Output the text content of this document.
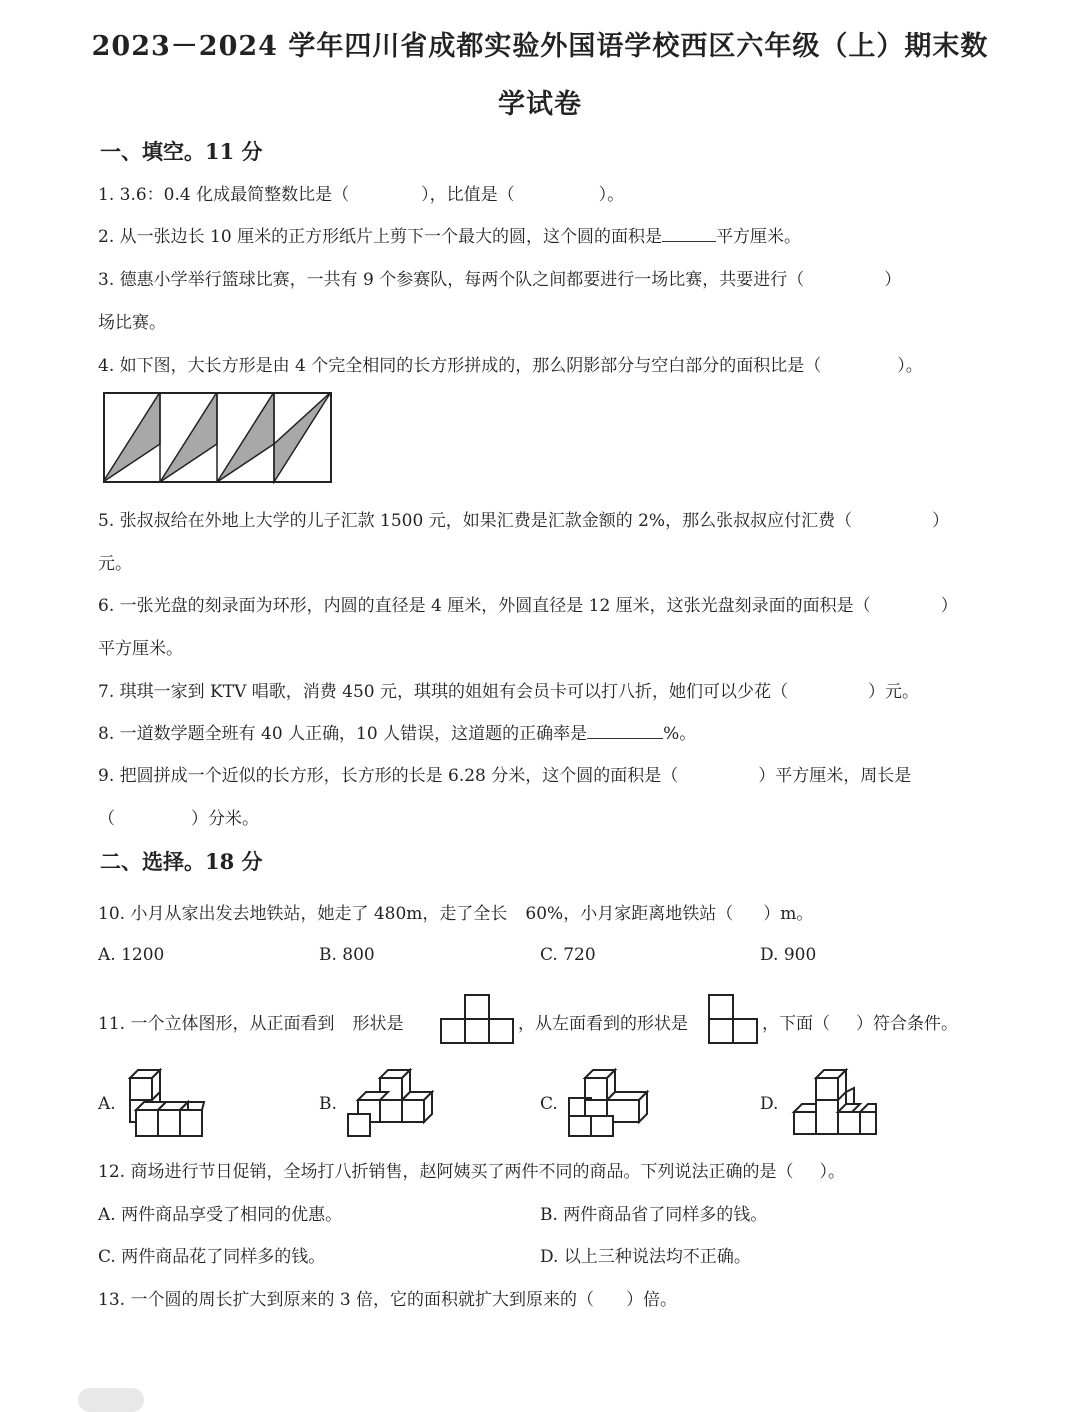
2023－2024 学年四川省成都实验外国语学校西区六年级（上）期末数
学试卷
一、填空。11 分
1. 3.6：0.4 化成最简整数比是（	），比值是（	）。
2. 从一张边长 10 厘米的正方形纸片上剪下一个最大的圆，这个圆的面积是	平方厘米。
3. 德惠小学举行篮球比赛，一共有 9 个参赛队，每两个队之间都要进行一场比赛，共要进行（	）
场比赛。
4. 如下图，大长方形是由 4 个完全相同的长方形拼成的，那么阴影部分与空白部分的面积比是（	）。
5. 张叔叔给在外地上大学的儿子汇款 1500 元，如果汇费是汇款金额的 2%，那么张叔叔应付汇费（	）
元。
6. 一张光盘的刻录面为环形，内圆的直径是 4 厘米，外圆直径是 12 厘米，这张光盘刻录面的面积是（	）
平方厘米。
7. 琪琪一家到 KTV 唱歌，消费 450 元，琪琪的姐姐有会员卡可以打八折，她们可以少花（	）元。
8. 一道数学题全班有 40 人正确，10 人错误，这道题的正确率是	%。
9. 把圆拼成一个近似的长方形，长方形的长是 6.28 分米，这个圆的面积是（	）平方厘米，周长是
（	）分米。
二、选择。18 分
10. 小月从家出发去地铁站，她走了 480m，走了全长 60%，小月家距离地铁站（ ）m。
A. 1200	B. 800	C. 720	D. 900
11. 一个立体图形，从正面看到 形状是	，从左面看到的形状是	，下面（ ）符合条件。
A.	B.	C.	D.
12. 商场进行节日促销，全场打八折销售，赵阿姨买了两件不同的商品。下列说法正确的是（ ）。
A. 两件商品享受了相同的优惠。	B. 两件商品省了同样多的钱。
C. 两件商品花了同样多的钱。	D. 以上三种说法均不正确。
13. 一个圆的周长扩大到原来的 3 倍，它的面积就扩大到原来的（ ）倍。
